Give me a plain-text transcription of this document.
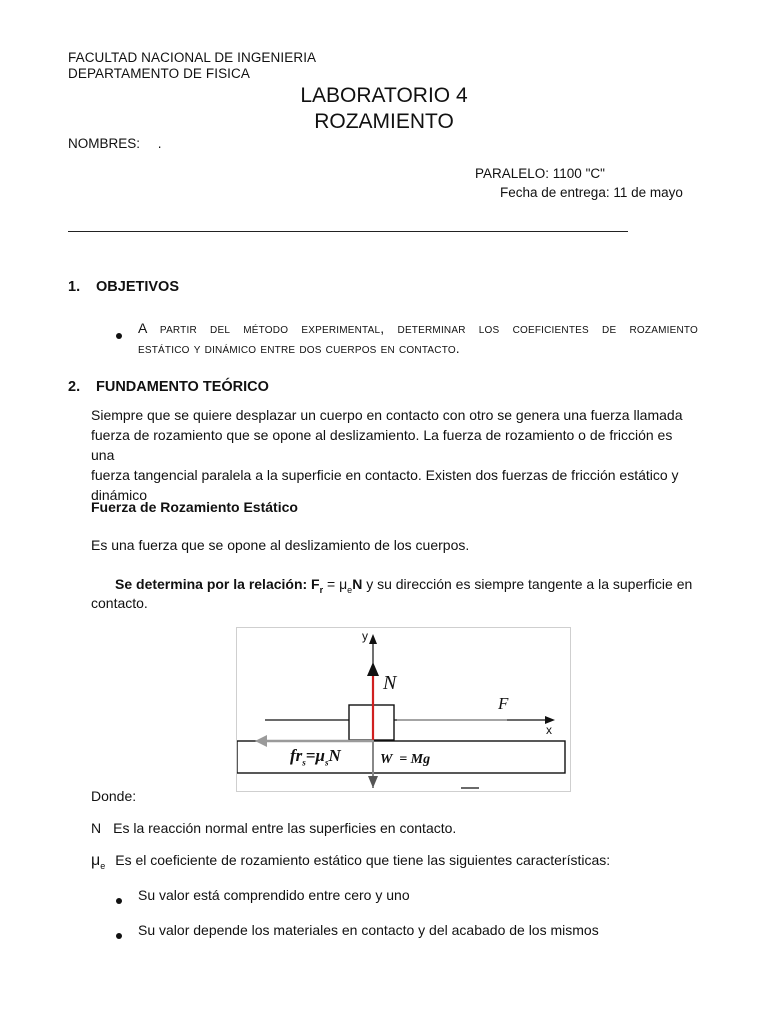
FACULTAD NACIONAL DE INGENIERIA
DEPARTAMENTO DE FISICA
LABORATORIO 4
ROZAMIENTO
NOMBRES: .
PARALELO: 1100 "C"
Fecha de entrega: 11 de mayo
1. OBJETIVOS
A partir del método experimental, determinar los coeficientes de rozamiento
estático y dinámico entre dos cuerpos en contacto.
2. FUNDAMENTO TEÓRICO
Siempre que se quiere desplazar un cuerpo en contacto con otro se genera una fuerza llamada
fuerza de rozamiento que se opone al deslizamiento. La fuerza de rozamiento o de fricción es una
fuerza tangencial paralela a la superficie en contacto. Existen dos fuerzas de fricción estático y
dinámico
Fuerza de Rozamiento Estático
Es una fuerza que se opone al deslizamiento de los cuerpos.
Se determina por la relación: $F_r = \mu_eN$ y su dirección es siempre tangente a la superficie en
contacto.
y
x
N
F
$fr_s=\mu_sN$	W  = Mg
Donde:
N Es la reacción normal entre las superficies en contacto.
$\mu_e$ Es el coeficiente de rozamiento estático que tiene las siguientes características:
Su valor está comprendido entre cero y uno
Su valor depende los materiales en contacto y del acabado de los mismos
